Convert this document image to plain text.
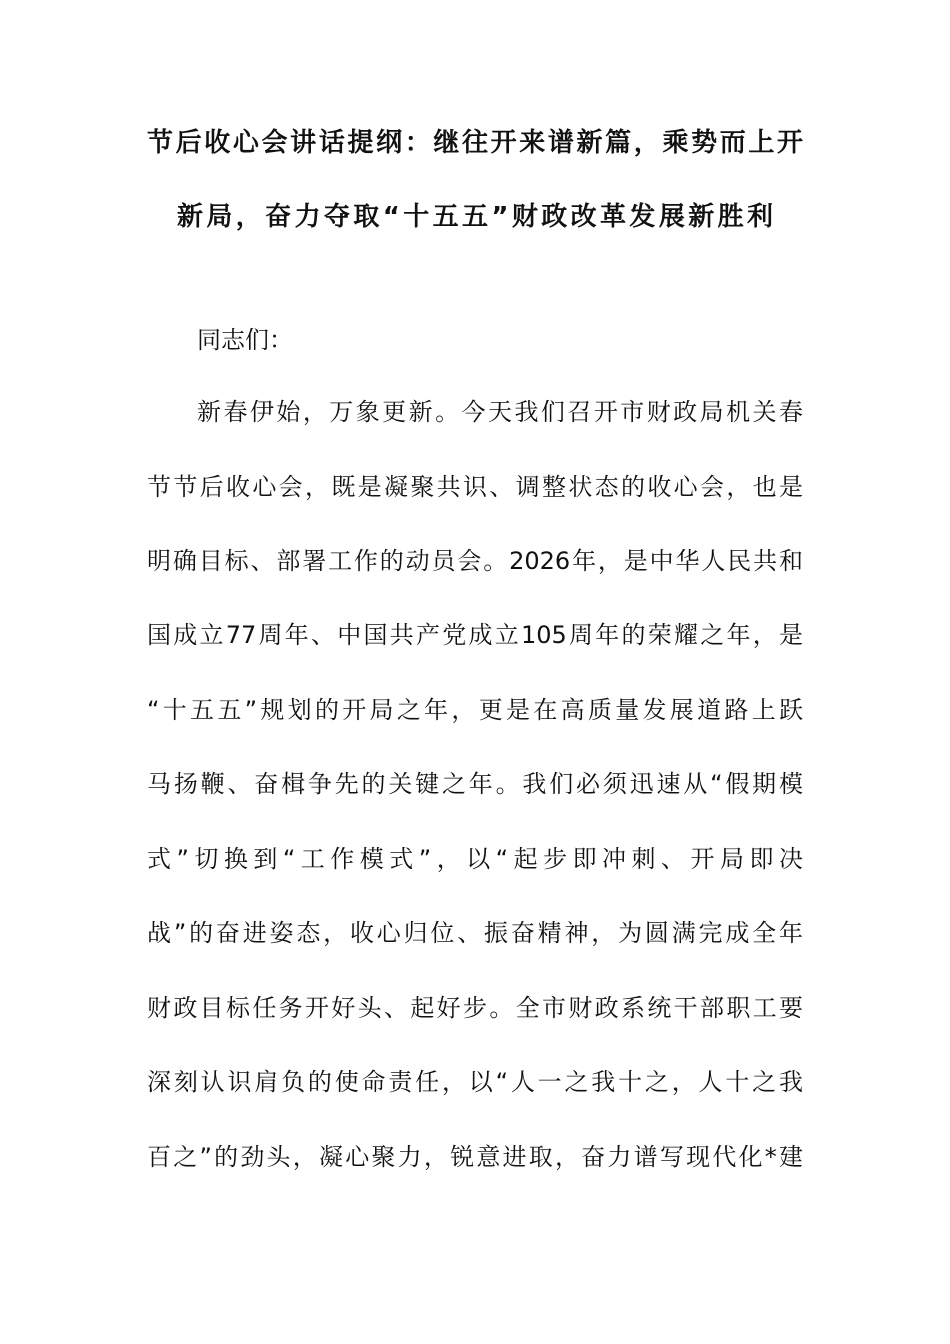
节后收心会讲话提纲：继往开来谱新篇，乘势而上开
新局，奋力夺取“十五五”财政改革发展新胜利
同志们：
新春伊始，万象更新。今天我们召开市财政局机关春
节节后收心会，既是凝聚共识、调整状态的收心会，也是
明确目标、部署工作的动员会。2026年，是中华人民共和
国成立77周年、中国共产党成立105周年的荣耀之年，是
“十五五”规划的开局之年，更是在高质量发展道路上跃
马扬鞭、奋楫争先的关键之年。我们必须迅速从“假期模
式”切换到“工作模式”，以“起步即冲刺、开局即决
战”的奋进姿态，收心归位、振奋精神，为圆满完成全年
财政目标任务开好头、起好步。全市财政系统干部职工要
深刻认识肩负的使命责任，以“人一之我十之，人十之我
百之”的劲头，凝心聚力，锐意进取，奋力谱写现代化*建
